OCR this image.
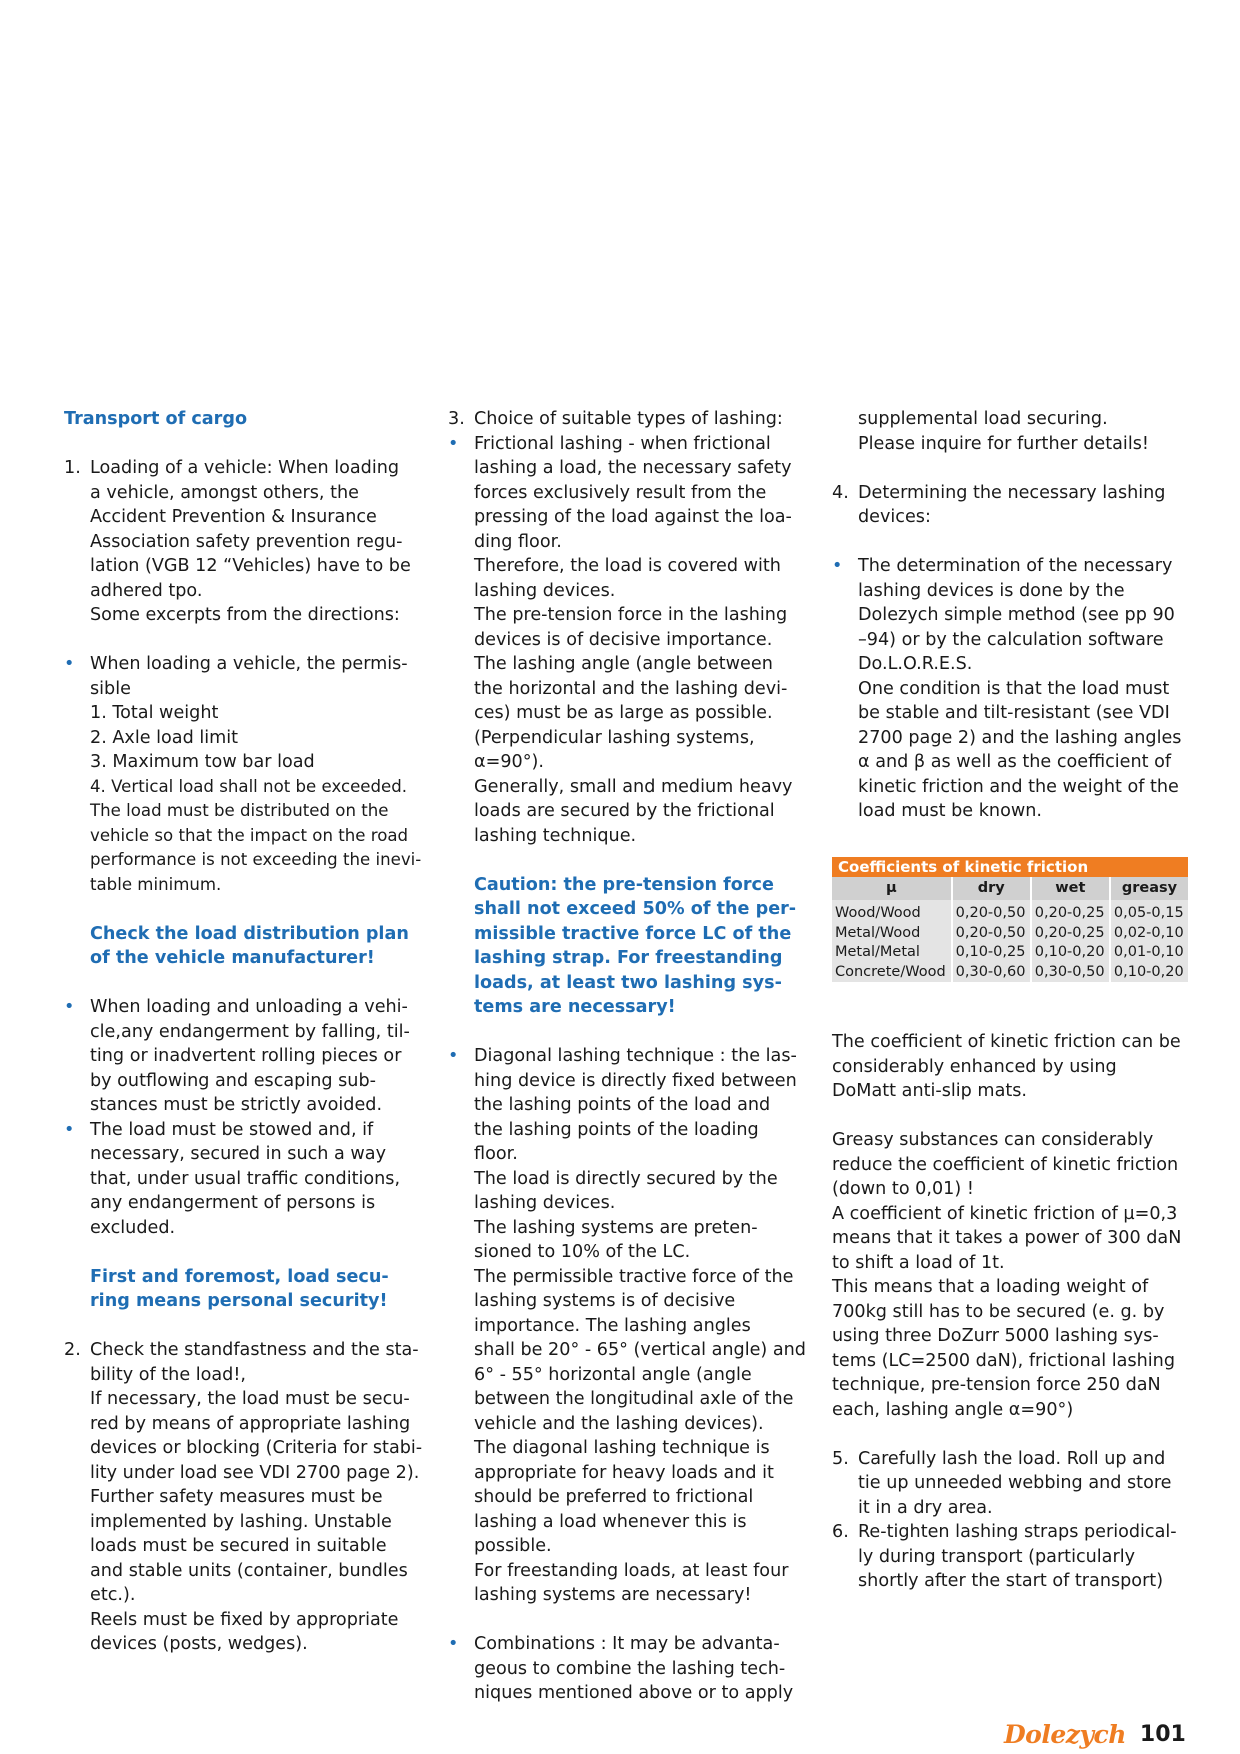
Transport of cargo

1. Loading of a vehicle: When loading
a vehicle, amongst others, the
Accident Prevention & Insurance
Association safety prevention regu-
lation (VGB 12 “Vehicles) have to be
adhered tpo.
Some excerpts from the directions:
• When loading a vehicle, the permis-
sible
1. Total weight
2. Axle load limit
3. Maximum tow bar load
4. Vertical load shall not be exceeded.
The load must be distributed on the
vehicle so that the impact on the road
performance is not exceeding the inevi-
table minimum.
Check the load distribution plan
of the vehicle manufacturer!
• When loading and unloading a vehi-
cle,any endangerment by falling, til-
ting or inadvertent rolling pieces or
by outflowing and escaping sub-
stances must be strictly avoided.
• The load must be stowed and, if
necessary, secured in such a way
that, under usual traffic conditions,
any endangerment of persons is
excluded.
First and foremost, load secu-
ring means personal security!
2. Check the standfastness and the sta-
bility of the load!,
If necessary, the load must be secu-
red by means of appropriate lashing
devices or blocking (Criteria for stabi-
lity under load see VDI 2700 page 2).
Further safety measures must be
implemented by lashing. Unstable
loads must be secured in suitable
and stable units (container, bundles
etc.).
Reels must be fixed by appropriate
devices (posts, wedges).
3. Choice of suitable types of lashing:
• Frictional lashing - when frictional
lashing a load, the necessary safety
forces exclusively result from the
pressing of the load against the loa-
ding floor.
Therefore, the load is covered with
lashing devices.
The pre-tension force in the lashing
devices is of decisive importance.
The lashing angle (angle between
the horizontal and the lashing devi-
ces) must be as large as possible.
(Perpendicular lashing systems,
α=90°).
Generally, small and medium heavy
loads are secured by the frictional
lashing technique.
Caution: the pre-tension force
shall not exceed 50% of the per-
missible tractive force LC of the
lashing strap. For freestanding
loads, at least two lashing sys-
tems are necessary!
• Diagonal lashing technique : the las-
hing device is directly fixed between
the lashing points of the load and
the lashing points of the loading
floor.
The load is directly secured by the
lashing devices.
The lashing systems are preten-
sioned to 10% of the LC.
The permissible tractive force of the
lashing systems is of decisive
importance. The lashing angles
shall be 20° - 65° (vertical angle) and
6° - 55° horizontal angle (angle
between the longitudinal axle of the
vehicle and the lashing devices).
The diagonal lashing technique is
appropriate for heavy loads and it
should be preferred to frictional
lashing a load whenever this is
possible.
For freestanding loads, at least four
lashing systems are necessary!
• Combinations : It may be advanta-
geous to combine the lashing tech-
niques mentioned above or to apply
supplemental load securing.
Please inquire for further details!
4. Determining the necessary lashing
devices:
• The determination of the necessary
lashing devices is done by the
Dolezych simple method (see pp 90
–94) or by the calculation software
Do.L.O.R.E.S.
One condition is that the load must
be stable and tilt-resistant (see VDI
2700 page 2) and the lashing angles
α and β as well as the coefficient of
kinetic friction and the weight of the
load must be known.
Coefficients of kinetic friction
µ	dry	wet	greasy

Wood/Wood	0,20-0,50	0,20-0,25	0,05-0,15
Metal/Wood	0,20-0,50	0,20-0,25	0,02-0,10
Metal/Metal	0,10-0,25	0,10-0,20	0,01-0,10
Concrete/Wood	0,30-0,60	0,30-0,50	0,10-0,20
The coefficient of kinetic friction can be
considerably enhanced by using
DoMatt anti-slip mats.
Greasy substances can considerably
reduce the coefficient of kinetic friction
(down to 0,01) !
A coefficient of kinetic friction of µ=0,3
means that it takes a power of 300 daN
to shift a load of 1t.
This means that a loading weight of
700kg still has to be secured (e. g. by
using three DoZurr 5000 lashing sys-
tems (LC=2500 daN), frictional lashing
technique, pre-tension force 250 daN
each, lashing angle α=90°)
5. Carefully lash the load. Roll up and
tie up unneeded webbing and store
it in a dry area.
6. Re-tighten lashing straps periodical-
ly during transport (particularly
shortly after the start of transport)
Dolezych 101
